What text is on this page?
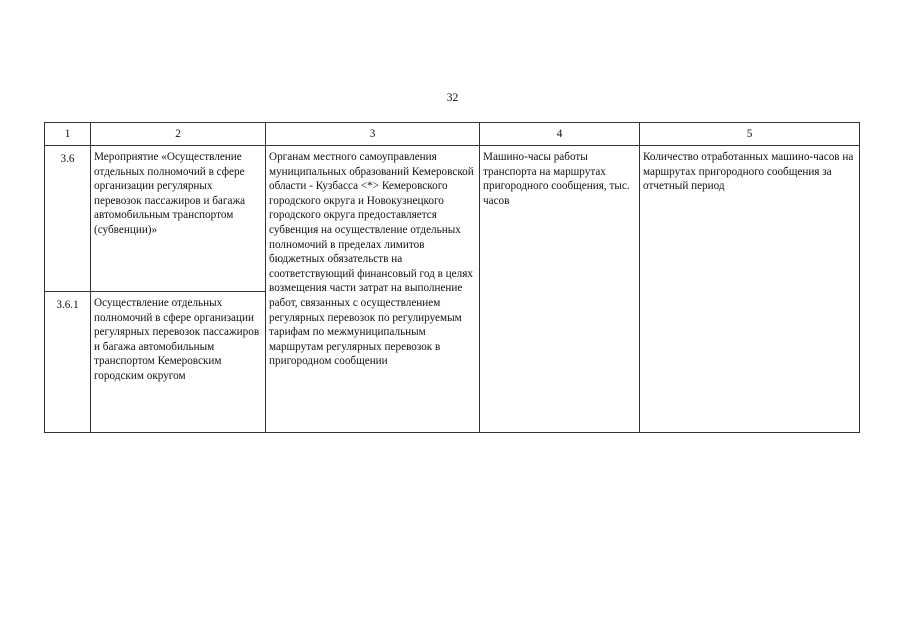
32
1	2	3	4	5
3.6	Мероприятие «Осуществление отдельных полномочий в сфере организации регулярных перевозок пассажиров и багажа автомобильным транспортом (субвенции)»	Органам местного самоуправления муниципальных образований Кемеровской области - Кузбасса <*> Кемеровского городского округа и Новокузнецкого городского округа предоставляется субвенция на осуществление отдельных полномочий в пределах лимитов бюджетных обязательств на соответствующий финансовый год в целях возмещения части затрат на выполнение работ, связанных с осуществлением регулярных перевозок по регулируемым тарифам по межмуниципальным маршрутам регулярных перевозок в пригородном сообщении	Машино-часы работы транспорта на маршрутах пригородного сообщения, тыс. часов	Количество отработанных машино-часов на маршрутах пригородного сообщения за отчетный период
3.6.1	Осуществление отдельных полномочий в сфере организации регулярных перевозок пассажиров и багажа автомобильным транспортом Кемеровским городским округом			
